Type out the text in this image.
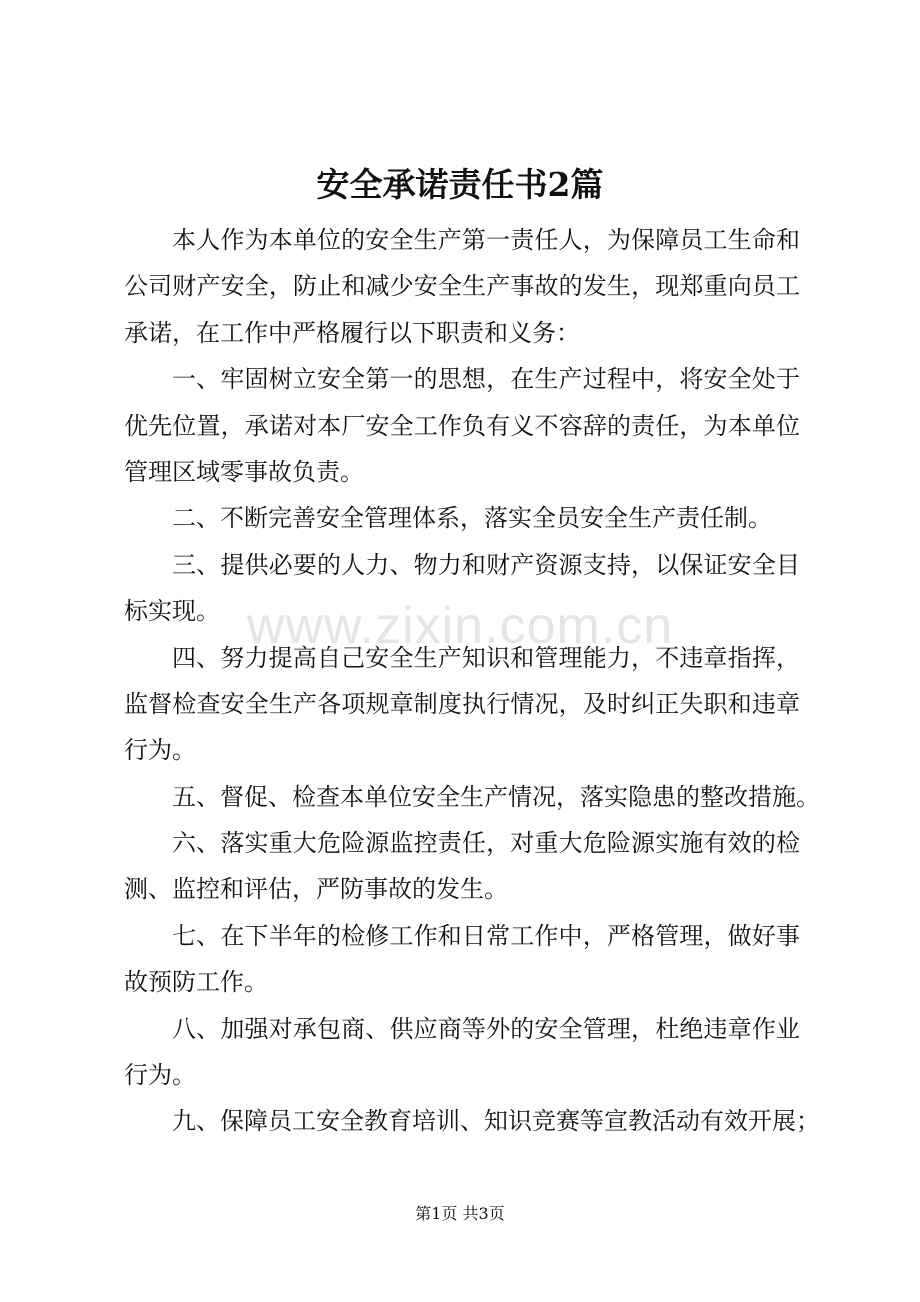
安全承诺责任书2篇
www.zixin.com.cn
本人作为本单位的安全生产第一责任人，为保障员工生命和
公司财产安全，防止和减少安全生产事故的发生，现郑重向员工
承诺，在工作中严格履行以下职责和义务：
一、牢固树立安全第一的思想，在生产过程中，将安全处于
优先位置，承诺对本厂安全工作负有义不容辞的责任，为本单位
管理区域零事故负责。
二、不断完善安全管理体系，落实全员安全生产责任制。
三、提供必要的人力、物力和财产资源支持，以保证安全目
标实现。
四、努力提高自己安全生产知识和管理能力，不违章指挥，
监督检查安全生产各项规章制度执行情况，及时纠正失职和违章
行为。
五、督促、检查本单位安全生产情况，落实隐患的整改措施。
六、落实重大危险源监控责任，对重大危险源实施有效的检
测、监控和评估，严防事故的发生。
七、在下半年的检修工作和日常工作中，严格管理，做好事
故预防工作。
八、加强对承包商、供应商等外的安全管理，杜绝违章作业
行为。
九、保障员工安全教育培训、知识竞赛等宣教活动有效开展；
第1页 共3页
